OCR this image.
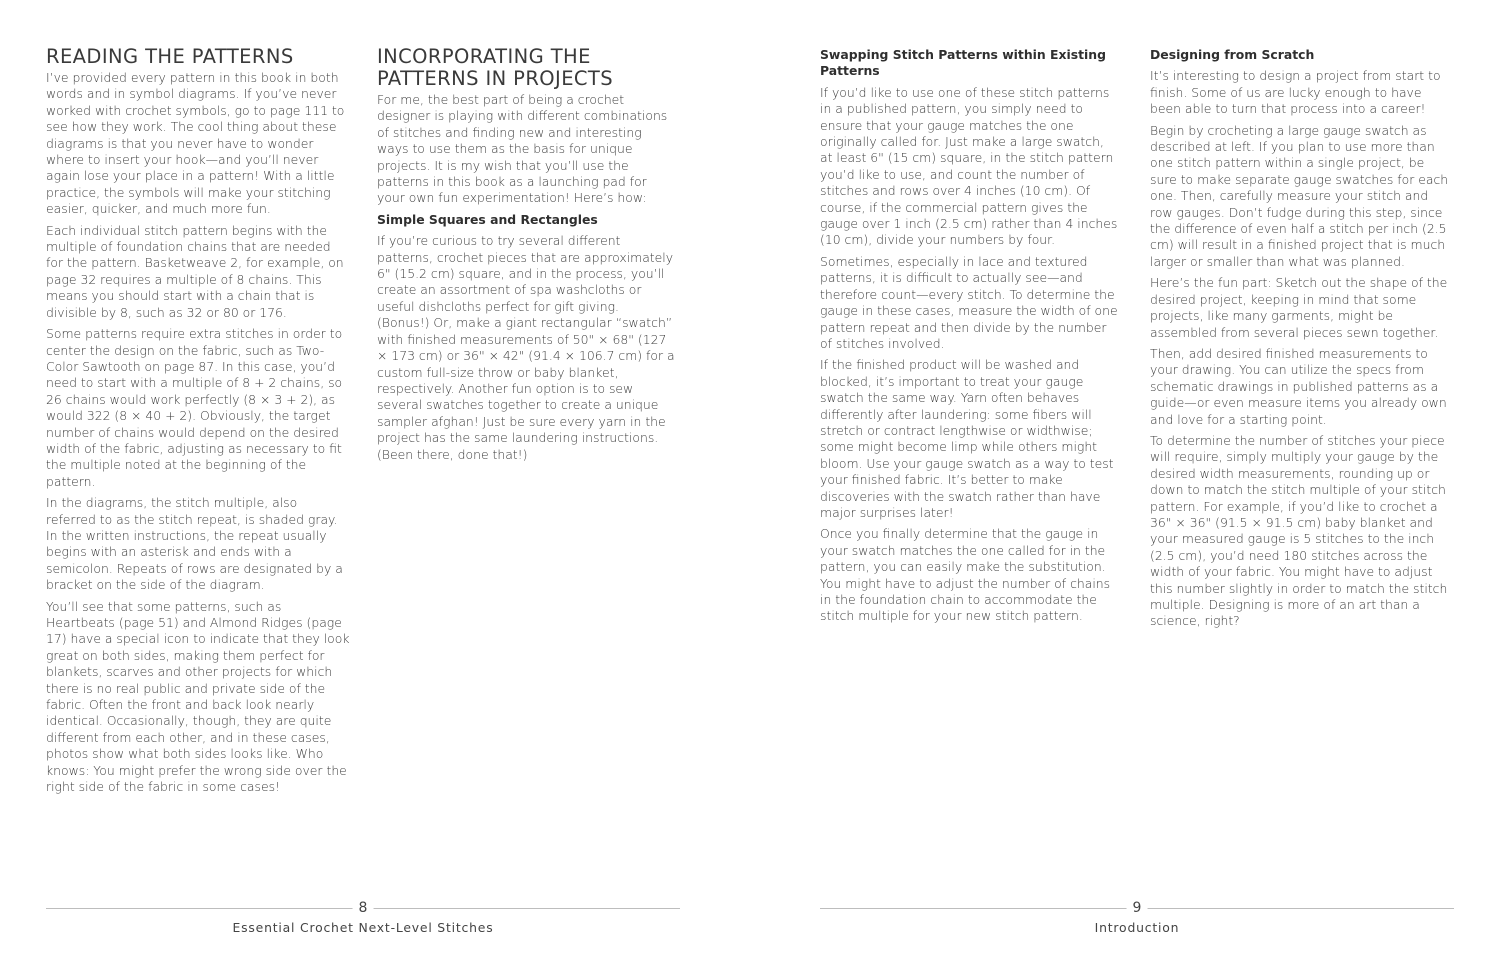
READING THE PATTERNS

I’ve provided every pattern in this book in both words and in symbol diagrams. If you’ve never worked with crochet symbols, go to page 111 to see how they work. The cool thing about these diagrams is that you never have to wonder where to insert your hook—and you’ll never again lose your place in a pattern! With a little practice, the symbols will make your stitching easier, quicker, and much more fun.

Each individual stitch pattern begins with the multiple of foundation chains that are needed for the pattern. Basketweave 2, for example, on page 32 requires a multiple of 8 chains. This means you should start with a chain that is divisible by 8, such as 32 or 80 or 176.

Some patterns require extra stitches in order to center the design on the fabric, such as Two-Color Sawtooth on page 87. In this case, you’d need to start with a multiple of 8 + 2 chains, so 26 chains would work perfectly (8 × 3 + 2), as would 322 (8 × 40 + 2). Obviously, the target number of chains would depend on the desired width of the fabric, adjusting as necessary to fit the multiple noted at the beginning of the pattern.

In the diagrams, the stitch multiple, also referred to as the stitch repeat, is shaded gray. In the written instructions, the repeat usually begins with an asterisk and ends with a semicolon. Repeats of rows are designated by a bracket on the side of the diagram.

You’ll see that some patterns, such as Heartbeats (page 51) and Almond Ridges (page 17) have a special icon to indicate that they look great on both sides, making them perfect for blankets, scarves and other projects for which there is no real public and private side of the fabric. Often the front and back look nearly identical. Occasionally, though, they are quite different from each other, and in these cases, photos show what both sides looks like. Who knows: You might prefer the wrong side over the right side of the fabric in some cases!

INCORPORATING THE
PATTERNS IN PROJECTS

For me, the best part of being a crochet designer is playing with different combinations of stitches and finding new and interesting ways to use them as the basis for unique projects. It is my wish that you’ll use the patterns in this book as a launching pad for your own fun experimentation! Here’s how:

Simple Squares and Rectangles

If you’re curious to try several different patterns, crochet pieces that are approximately 6" (15.2 cm) square, and in the process, you’ll create an assortment of spa washcloths or useful dishcloths perfect for gift giving. (Bonus!) Or, make a giant rectangular “swatch” with finished measurements of 50" × 68" (127 × 173 cm) or 36" × 42" (91.4 × 106.7 cm) for a custom full-size throw or baby blanket, respectively. Another fun option is to sew several swatches together to create a unique sampler afghan! Just be sure every yarn in the project has the same laundering instructions. (Been there, done that!)

Swapping Stitch Patterns within Existing Patterns

If you’d like to use one of these stitch patterns in a published pattern, you simply need to ensure that your gauge matches the one originally called for. Just make a large swatch, at least 6" (15 cm) square, in the stitch pattern you’d like to use, and count the number of stitches and rows over 4 inches (10 cm). Of course, if the commercial pattern gives the gauge over 1 inch (2.5 cm) rather than 4 inches (10 cm), divide your numbers by four.

Sometimes, especially in lace and textured patterns, it is difficult to actually see—and therefore count—every stitch. To determine the gauge in these cases, measure the width of one pattern repeat and then divide by the number of stitches involved.

If the finished product will be washed and blocked, it’s important to treat your gauge swatch the same way. Yarn often behaves differently after laundering: some fibers will stretch or contract lengthwise or widthwise; some might become limp while others might bloom. Use your gauge swatch as a way to test your finished fabric. It’s better to make discoveries with the swatch rather than have major surprises later!

Once you finally determine that the gauge in your swatch matches the one called for in the pattern, you can easily make the substitution. You might have to adjust the number of chains in the foundation chain to accommodate the stitch multiple for your new stitch pattern.

Designing from Scratch

It’s interesting to design a project from start to finish. Some of us are lucky enough to have been able to turn that process into a career!

Begin by crocheting a large gauge swatch as described at left. If you plan to use more than one stitch pattern within a single project, be sure to make separate gauge swatches for each one. Then, carefully measure your stitch and row gauges. Don’t fudge during this step, since the difference of even half a stitch per inch (2.5 cm) will result in a finished project that is much larger or smaller than what was planned.

Here’s the fun part: Sketch out the shape of the desired project, keeping in mind that some projects, like many garments, might be assembled from several pieces sewn together.

Then, add desired finished measurements to your drawing. You can utilize the specs from schematic drawings in published patterns as a guide—or even measure items you already own and love for a starting point.

To determine the number of stitches your piece will require, simply multiply your gauge by the desired width measurements, rounding up or down to match the stitch multiple of your stitch pattern. For example, if you’d like to crochet a 36" × 36" (91.5 × 91.5 cm) baby blanket and your measured gauge is 5 stitches to the inch (2.5 cm), you’d need 180 stitches across the width of your fabric. You might have to adjust this number slightly in order to match the stitch multiple. Designing is more of an art than a science, right?

8
Essential Crochet Next-Level Stitches
9
Introduction
